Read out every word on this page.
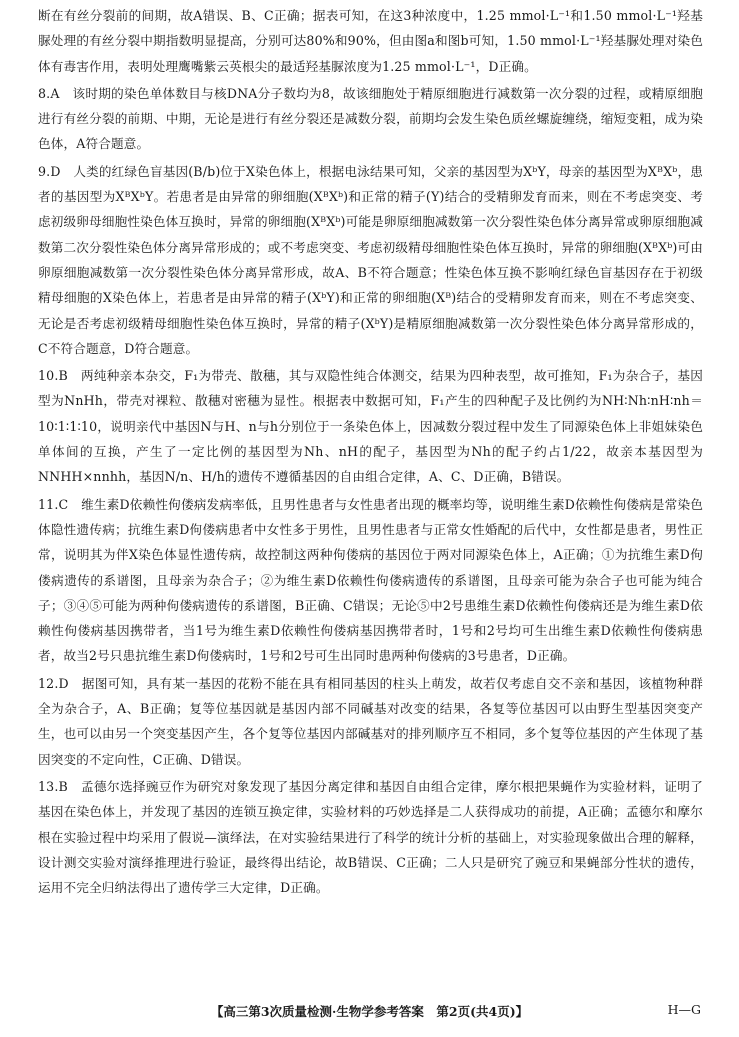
断在有丝分裂前的间期，故A错误、B、C正确；据表可知，在这3种浓度中，1.25 mmol·L⁻¹和1.50 mmol·L⁻¹羟基脲处理的有丝分裂中期指数明显提高，分别可达80%和90%，但由图a和图b可知，1.50 mmol·L⁻¹羟基脲处理对染色体有毒害作用，表明处理鹰嘴紫云英根尖的最适羟基脲浓度为1.25 mmol·L⁻¹，D正确。

8.A　该时期的染色单体数目与核DNA分子数均为8，故该细胞处于精原细胞进行减数第一次分裂的过程，或精原细胞进行有丝分裂的前期、中期，无论是进行有丝分裂还是减数分裂，前期均会发生染色质丝螺旋缠绕，缩短变粗，成为染色体，A符合题意。

9.D　人类的红绿色盲基因(B/b)位于X染色体上，根据电泳结果可知，父亲的基因型为XᵇY，母亲的基因型为XᴮXᵇ，患者的基因型为XᴮXᵇY。若患者是由异常的卵细胞(XᴮXᵇ)和正常的精子(Y)结合的受精卵发育而来，则在不考虑突变、考虑初级卵母细胞性染色体互换时，异常的卵细胞(XᴮXᵇ)可能是卵原细胞减数第一次分裂性染色体分离异常或卵原细胞减数第二次分裂性染色体分离异常形成的；或不考虑突变、考虑初级精母细胞性染色体互换时，异常的卵细胞(XᴮXᵇ)可由卵原细胞减数第一次分裂性染色体分离异常形成，故A、B不符合题意；性染色体互换不影响红绿色盲基因存在于初级精母细胞的X染色体上，若患者是由异常的精子(XᵇY)和正常的卵细胞(Xᴮ)结合的受精卵发育而来，则在不考虑突变、无论是否考虑初级精母细胞性染色体互换时，异常的精子(XᵇY)是精原细胞减数第一次分裂性染色体分离异常形成的，C不符合题意，D符合题意。

10.B　两纯种亲本杂交，F₁为带壳、散穗，其与双隐性纯合体测交，结果为四种表型，故可推知，F₁为杂合子，基因型为NnHh，带壳对裸粒、散穗对密穗为显性。根据表中数据可知，F₁产生的四种配子及比例约为NH∶Nh∶nH∶nh＝10∶1∶1∶10，说明亲代中基因N与H、n与h分别位于一条染色体上，因减数分裂过程中发生了同源染色体上非姐妹染色单体间的互换，产生了一定比例的基因型为Nh、nH的配子，基因型为Nh的配子约占1/22，故亲本基因型为NNHH×nnhh，基因N/n、H/h的遗传不遵循基因的自由组合定律，A、C、D正确，B错误。

11.C　维生素D依赖性佝偻病发病率低，且男性患者与女性患者出现的概率均等，说明维生素D依赖性佝偻病是常染色体隐性遗传病；抗维生素D佝偻病患者中女性多于男性，且男性患者与正常女性婚配的后代中，女性都是患者，男性正常，说明其为伴X染色体显性遗传病，故控制这两种佝偻病的基因位于两对同源染色体上，A正确；①为抗维生素D佝偻病遗传的系谱图，且母亲为杂合子；②为维生素D依赖性佝偻病遗传的系谱图，且母亲可能为杂合子也可能为纯合子；③④⑤可能为两种佝偻病遗传的系谱图，B正确、C错误；无论⑤中2号患维生素D依赖性佝偻病还是为维生素D依赖性佝偻病基因携带者，当1号为维生素D依赖性佝偻病基因携带者时，1号和2号均可生出维生素D依赖性佝偻病患者，故当2号只患抗维生素D佝偻病时，1号和2号可生出同时患两种佝偻病的3号患者，D正确。

12.D　据图可知，具有某一基因的花粉不能在具有相同基因的柱头上萌发，故若仅考虑自交不亲和基因，该植物种群全为杂合子，A、B正确；复等位基因就是基因内部不同碱基对改变的结果，各复等位基因可以由野生型基因突变产生，也可以由另一个突变基因产生，各个复等位基因内部碱基对的排列顺序互不相同，多个复等位基因的产生体现了基因突变的不定向性，C正确、D错误。

13.B　孟德尔选择豌豆作为研究对象发现了基因分离定律和基因自由组合定律，摩尔根把果蝇作为实验材料，证明了基因在染色体上，并发现了基因的连锁互换定律，实验材料的巧妙选择是二人获得成功的前提，A正确；孟德尔和摩尔根在实验过程中均采用了假说—演绎法，在对实验结果进行了科学的统计分析的基础上，对实验现象做出合理的解释，设计测交实验对演绎推理进行验证，最终得出结论，故B错误、C正确；二人只是研究了豌豆和果蝇部分性状的遗传，运用不完全归纳法得出了遗传学三大定律，D正确。

【高三第3次质量检测·生物学参考答案　第2页(共4页)】	H—G
